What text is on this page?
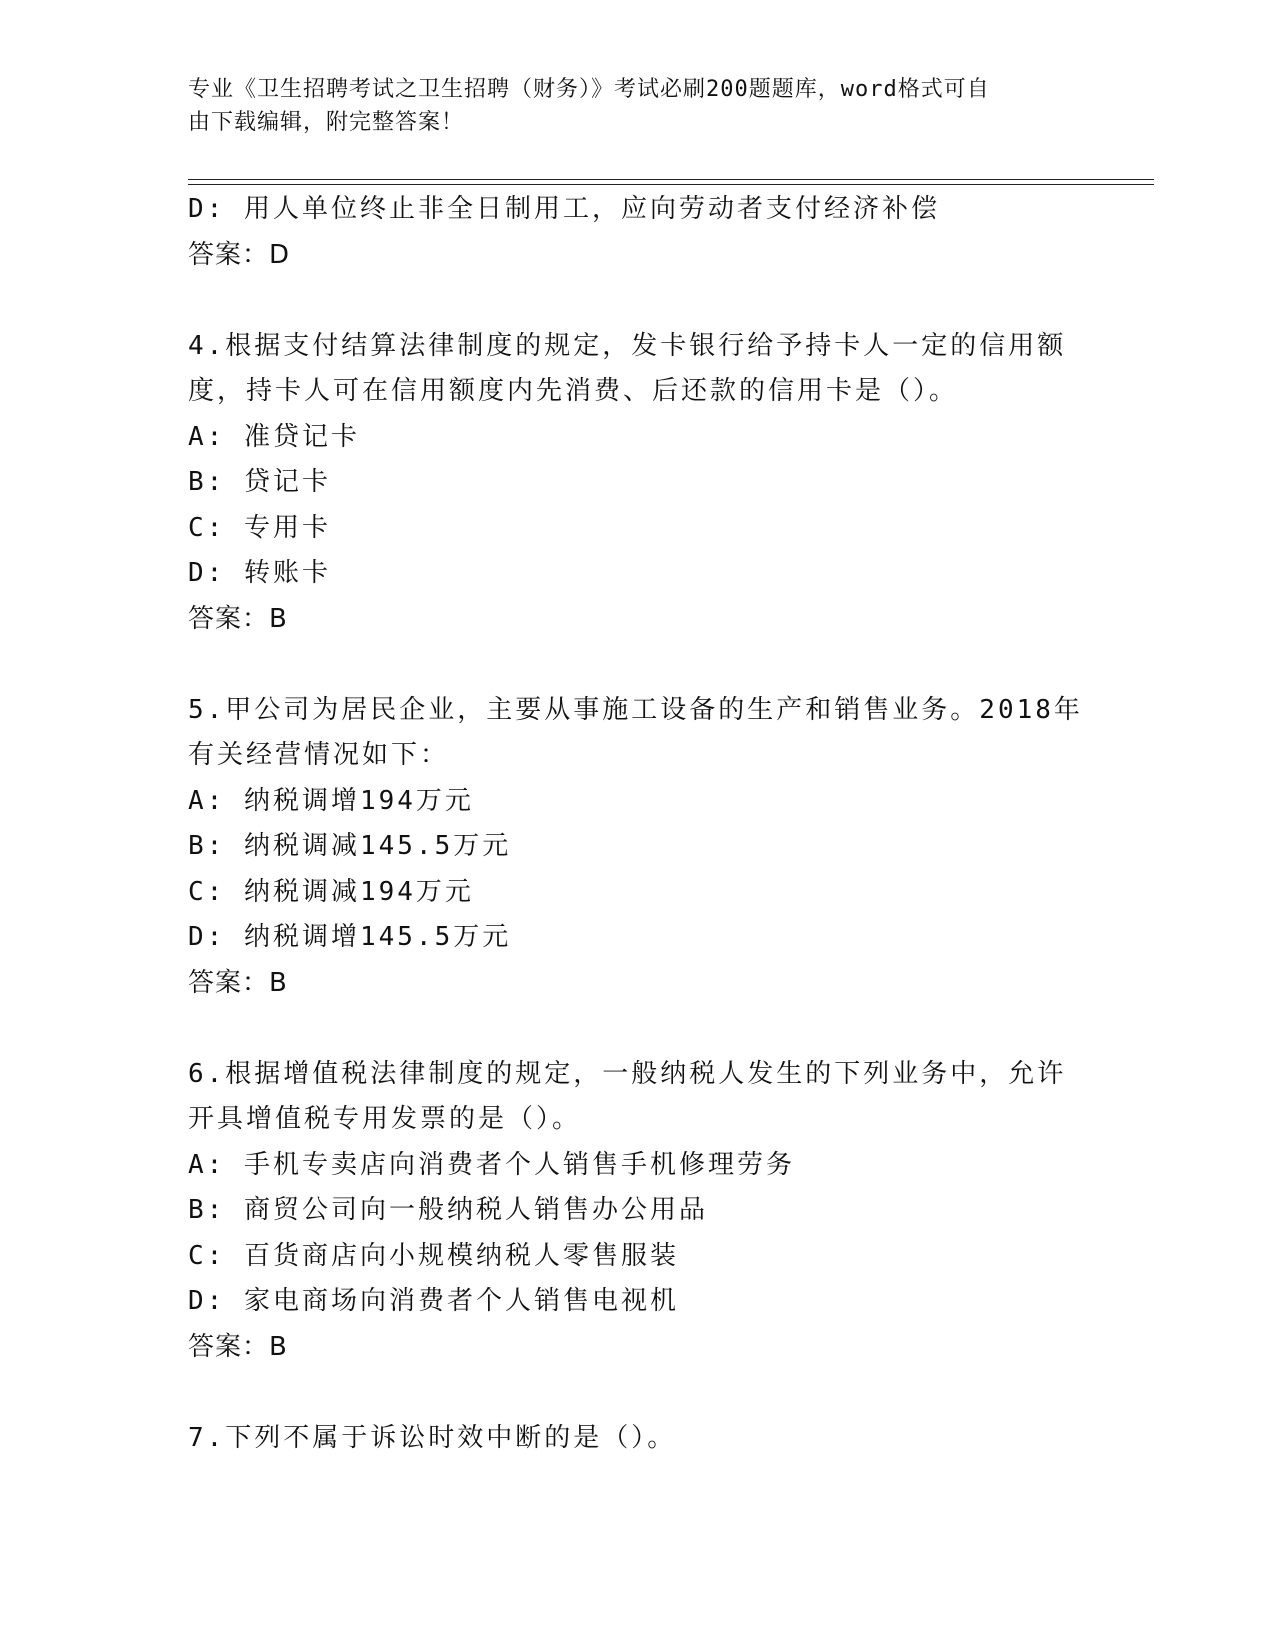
专业《卫生招聘考试之卫生招聘（财务）》考试必刷200题题库，word格式可自
由下载编辑，附完整答案！
D: 用人单位终止非全日制用工，应向劳动者支付经济补偿
答案：D
4.根据支付结算法律制度的规定，发卡银行给予持卡人一定的信用额
度，持卡人可在信用额度内先消费、后还款的信用卡是（）。
A: 准贷记卡
B: 贷记卡
C: 专用卡
D: 转账卡
答案：B
5.甲公司为居民企业，主要从事施工设备的生产和销售业务。2018年
有关经营情况如下：
A: 纳税调增194万元
B: 纳税调减145.5万元
C: 纳税调减194万元
D: 纳税调增145.5万元
答案：B
6.根据增值税法律制度的规定，一般纳税人发生的下列业务中，允许
开具增值税专用发票的是（）。
A: 手机专卖店向消费者个人销售手机修理劳务
B: 商贸公司向一般纳税人销售办公用品
C: 百货商店向小规模纳税人零售服装
D: 家电商场向消费者个人销售电视机
答案：B
7.下列不属于诉讼时效中断的是（）。
